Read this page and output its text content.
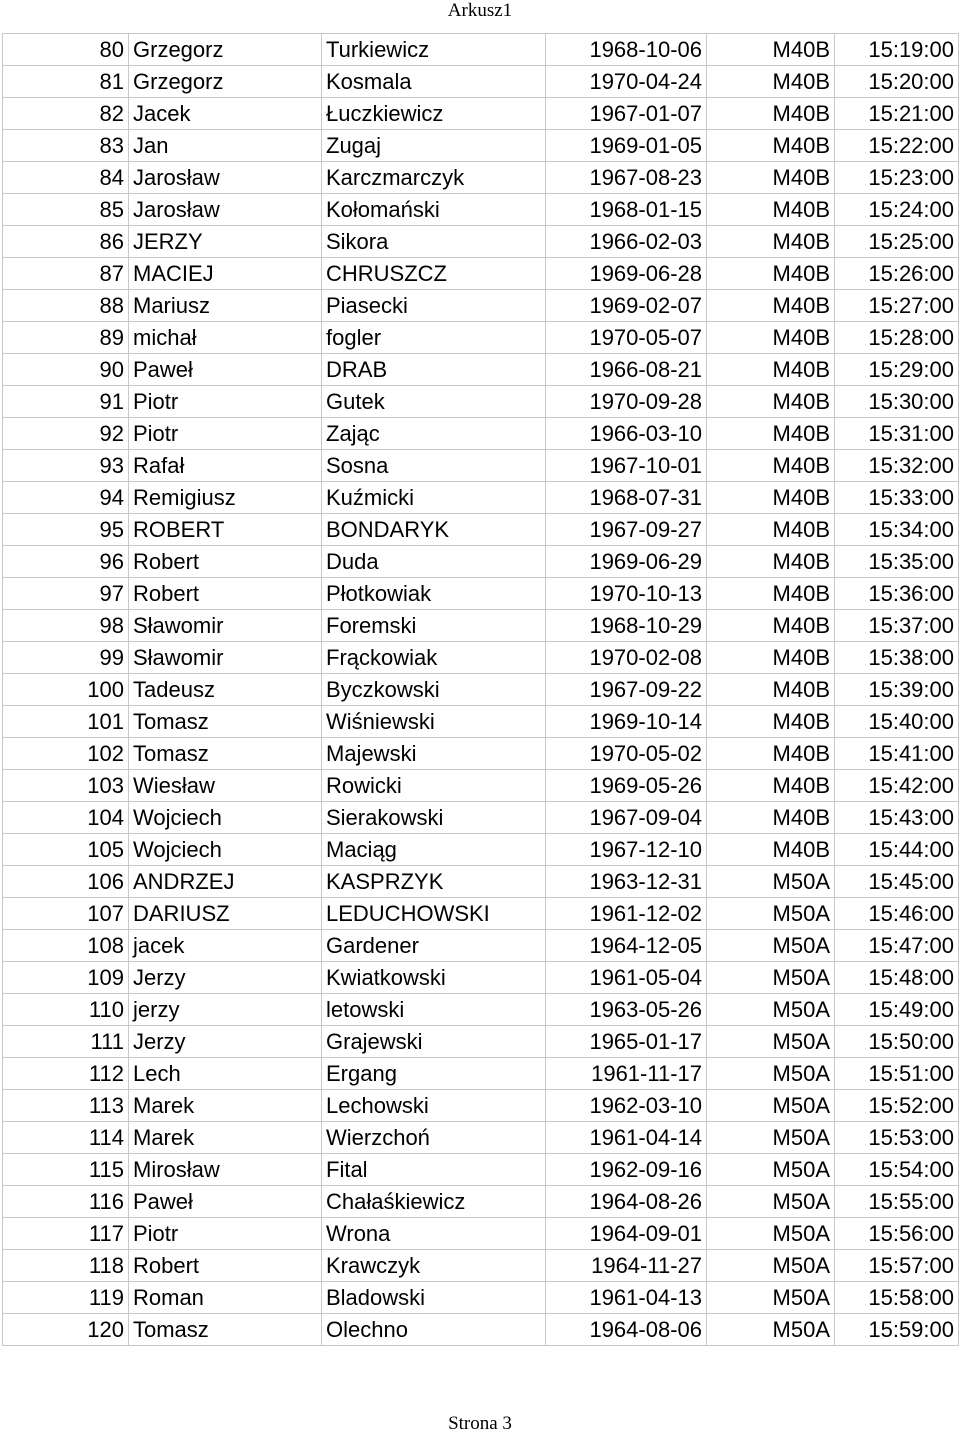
Arkusz1
80	Grzegorz	Turkiewicz	1968-10-06	M40B	15:19:00
81	Grzegorz	Kosmala	1970-04-24	M40B	15:20:00
82	Jacek	Łuczkiewicz	1967-01-07	M40B	15:21:00
83	Jan	Zugaj	1969-01-05	M40B	15:22:00
84	Jarosław	Karczmarczyk	1967-08-23	M40B	15:23:00
85	Jarosław	Kołomański	1968-01-15	M40B	15:24:00
86	JERZY	Sikora	1966-02-03	M40B	15:25:00
87	MACIEJ	CHRUSZCZ	1969-06-28	M40B	15:26:00
88	Mariusz	Piasecki	1969-02-07	M40B	15:27:00
89	michał	fogler	1970-05-07	M40B	15:28:00
90	Paweł	DRAB	1966-08-21	M40B	15:29:00
91	Piotr	Gutek	1970-09-28	M40B	15:30:00
92	Piotr	Zając	1966-03-10	M40B	15:31:00
93	Rafał	Sosna	1967-10-01	M40B	15:32:00
94	Remigiusz	Kuźmicki	1968-07-31	M40B	15:33:00
95	ROBERT	BONDARYK	1967-09-27	M40B	15:34:00
96	Robert	Duda	1969-06-29	M40B	15:35:00
97	Robert	Płotkowiak	1970-10-13	M40B	15:36:00
98	Sławomir	Foremski	1968-10-29	M40B	15:37:00
99	Sławomir	Frąckowiak	1970-02-08	M40B	15:38:00
100	Tadeusz	Byczkowski	1967-09-22	M40B	15:39:00
101	Tomasz	Wiśniewski	1969-10-14	M40B	15:40:00
102	Tomasz	Majewski	1970-05-02	M40B	15:41:00
103	Wiesław	Rowicki	1969-05-26	M40B	15:42:00
104	Wojciech	Sierakowski	1967-09-04	M40B	15:43:00
105	Wojciech	Maciąg	1967-12-10	M40B	15:44:00
106	ANDRZEJ	KASPRZYK	1963-12-31	M50A	15:45:00
107	DARIUSZ	LEDUCHOWSKI	1961-12-02	M50A	15:46:00
108	jacek	Gardener	1964-12-05	M50A	15:47:00
109	Jerzy	Kwiatkowski	1961-05-04	M50A	15:48:00
110	jerzy	letowski	1963-05-26	M50A	15:49:00
111	Jerzy	Grajewski	1965-01-17	M50A	15:50:00
112	Lech	Ergang	1961-11-17	M50A	15:51:00
113	Marek	Lechowski	1962-03-10	M50A	15:52:00
114	Marek	Wierzchoń	1961-04-14	M50A	15:53:00
115	Mirosław	Fital	1962-09-16	M50A	15:54:00
116	Paweł	Chałaśkiewicz	1964-08-26	M50A	15:55:00
117	Piotr	Wrona	1964-09-01	M50A	15:56:00
118	Robert	Krawczyk	1964-11-27	M50A	15:57:00
119	Roman	Bladowski	1961-04-13	M50A	15:58:00
120	Tomasz	Olechno	1964-08-06	M50A	15:59:00
Strona 3
